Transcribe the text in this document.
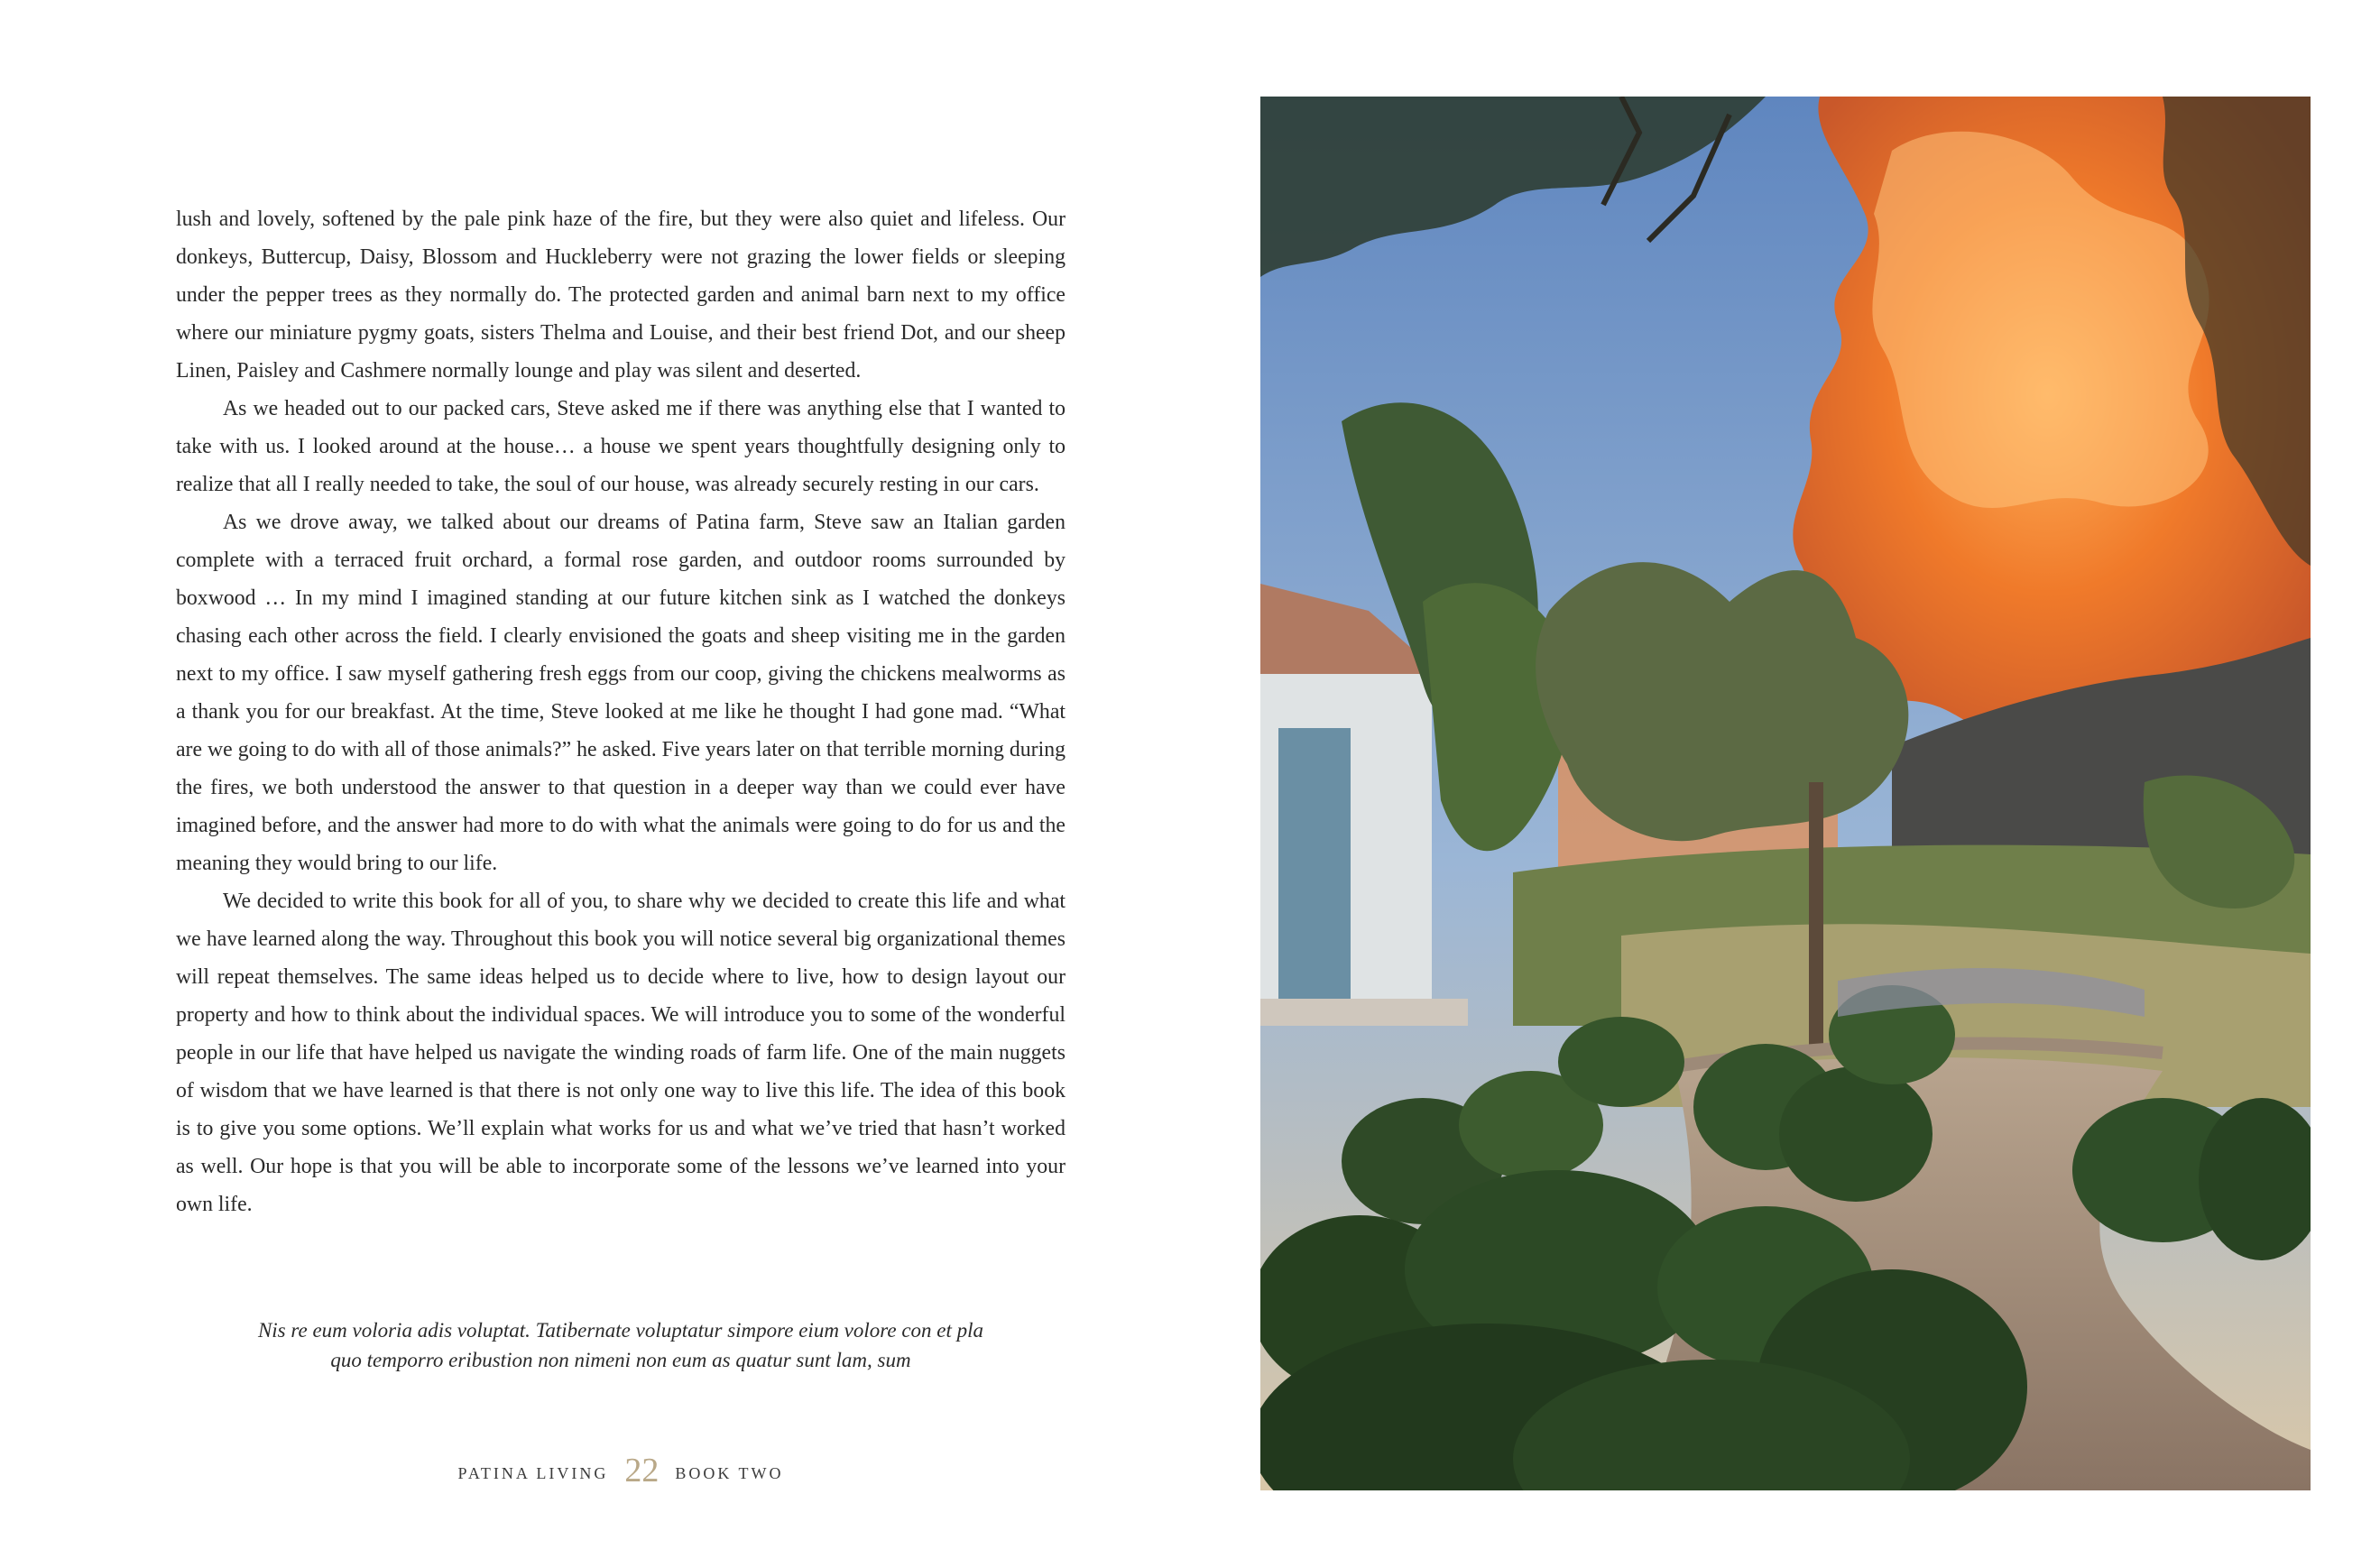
lush and lovely, softened by the pale pink haze of the fire, but they were also quiet and lifeless. Our donkeys, Buttercup, Daisy, Blossom and Huckleberry were not grazing the lower fields or sleeping under the pepper trees as they normally do. The protected garden and animal barn next to my office where our miniature pygmy goats, sisters Thelma and Louise, and their best friend Dot, and our sheep Linen, Paisley and Cashmere normally lounge and play was silent and deserted.

As we headed out to our packed cars, Steve asked me if there was anything else that I wanted to take with us. I looked around at the house… a house we spent years thoughtfully designing only to realize that all I really needed to take, the soul of our house, was already securely resting in our cars.

As we drove away, we talked about our dreams of Patina farm, Steve saw an Italian garden complete with a terraced fruit orchard, a formal rose garden, and outdoor rooms surrounded by boxwood … In my mind I imagined standing at our future kitchen sink as I watched the donkeys chasing each other across the field. I clearly envisioned the goats and sheep visiting me in the garden next to my office. I saw myself gathering fresh eggs from our coop, giving the chickens mealworms as a thank you for our breakfast. At the time, Steve looked at me like he thought I had gone mad. “What are we going to do with all of those animals?” he asked. Five years later on that terrible morning during the fires, we both understood the answer to that question in a deeper way than we could ever have imagined before, and the answer had more to do with what the animals were going to do for us and the meaning they would bring to our life.

We decided to write this book for all of you, to share why we decided to create this life and what we have learned along the way. Throughout this book you will notice several big organizational themes will repeat themselves. The same ideas helped us to decide where to live, how to design layout our property and how to think about the individual spaces. We will introduce you to some of the wonderful people in our life that have helped us navigate the winding roads of farm life. One of the main nuggets of wisdom that we have learned is that there is not only one way to live this life. The idea of this book is to give you some options. We’ll explain what works for us and what we’ve tried that hasn’t worked as well. Our hope is that you will be able to incorporate some of the lessons we’ve learned into your own life.

Nis re eum voloria adis voluptat. Tatibernate voluptatur simpore eium volore con et pla
quo temporro eribustion non nimeni non eum as quatur sunt lam, sum
PATINA LIVING 22 BOOK TWO
